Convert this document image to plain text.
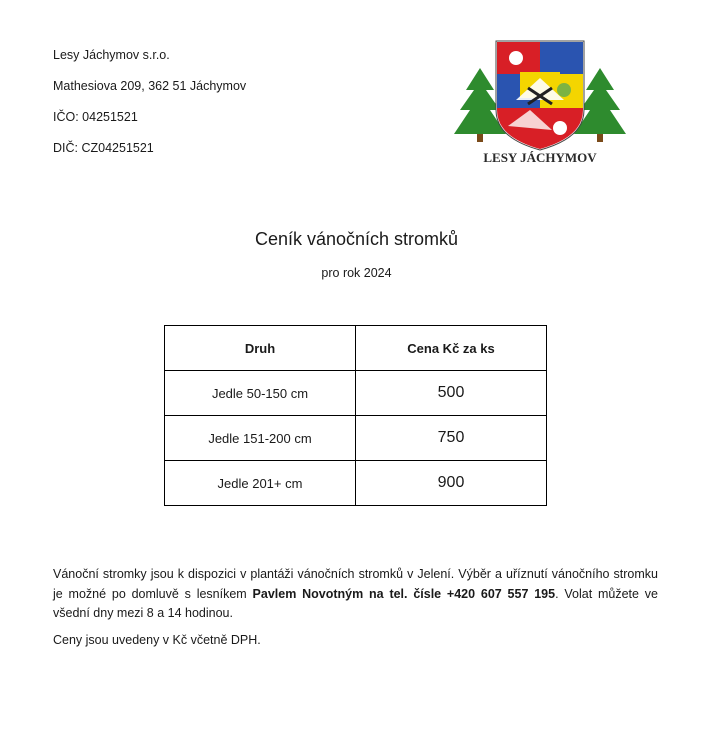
Lesy Jáchymov s.r.o.
Mathesiova 209, 362 51 Jáchymov
IČO: 04251521
DIČ: CZ04251521
LESY JÁCHYMOV
Ceník vánočních stromků
pro rok 2024
Druh	Cena Kč za ks
Jedle 50-150 cm	500
Jedle 151-200 cm	750
Jedle 201+ cm	900

Vánoční stromky jsou k dispozici v plantáži vánočních stromků v Jelení. Výběr a uříznutí vánočního stromku je možné po domluvě s lesníkem Pavlem Novotným na tel. čísle +420 607 557 195. Volat můžete ve všední dny mezi 8 a 14 hodinou.

Ceny jsou uvedeny v Kč včetně DPH.
